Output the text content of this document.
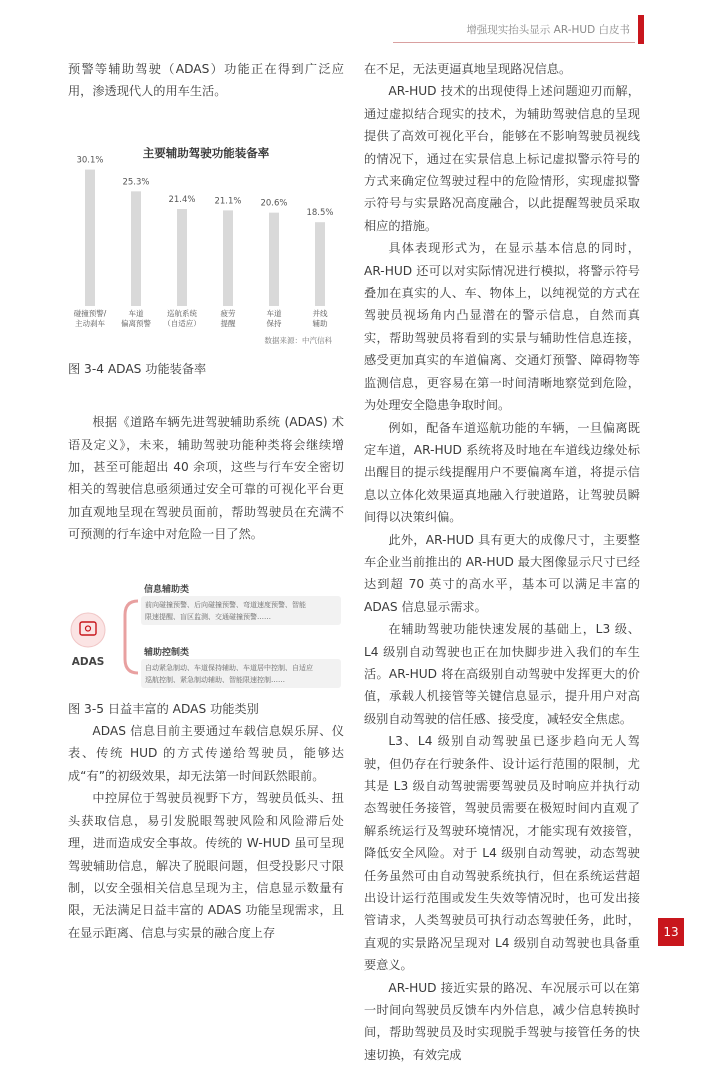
增强现实抬头显示 AR-HUD 白皮书

预警等辅助驾驶（ADAS）功能正在得到广泛应用，渗透现代人的用车生活。

主要辅助驾驶功能装备率
30.1%
碰撞预警/
主动刹车
25.3%
车道
偏离预警
21.4%
巡航系统
（自适应）
21.1%
疲劳
提醒
20.6%
车道
保持
18.5%
并线
辅助
数据来源：中汽信科

图 3-4 ADAS 功能装备率

根据《道路车辆先进驾驶辅助系统 (ADAS) 术语及定义》，未来，辅助驾驶功能种类将会继续增加，甚至可能超出 40 余项，这些与行车安全密切相关的驾驶信息亟须通过安全可靠的可视化平台更加直观地呈现在驾驶员面前，帮助驾驶员在充满不可预测的行车途中对危险一目了然。

ADAS
信息辅助类
前向碰撞预警、后向碰撞预警、弯道速度预警、智能
限速提醒、盲区监测、交通碰撞预警……
辅助控制类
自动紧急制动、车道保持辅助、车道居中控制、自适应
巡航控制、紧急制动辅助、智能限速控制……

图 3-5 日益丰富的 ADAS 功能类别

ADAS 信息目前主要通过车载信息娱乐屏、仪表、传统 HUD 的方式传递给驾驶员，能够达成“有”的初级效果，却无法第一时间跃然眼前。

中控屏位于驾驶员视野下方，驾驶员低头、扭头获取信息，易引发脱眼驾驶风险和风险滞后处理，进而造成安全事故。传统的 W-HUD 虽可呈现驾驶辅助信息，解决了脱眼问题，但受投影尺寸限制，以安全强相关信息呈现为主，信息显示数量有限，无法满足日益丰富的 ADAS 功能呈现需求，且在显示距离、信息与实景的融合度上存

在不足，无法更逼真地呈现路况信息。

AR-HUD 技术的出现使得上述问题迎刃而解，通过虚拟结合现实的技术，为辅助驾驶信息的呈现提供了高效可视化平台，能够在不影响驾驶员视线的情况下，通过在实景信息上标记虚拟警示符号的方式来确定位驾驶过程中的危险情形，实现虚拟警示符号与实景路况高度融合，以此提醒驾驶员采取相应的措施。

具体表现形式为，在显示基本信息的同时，AR-HUD 还可以对实际情况进行模拟，将警示符号叠加在真实的人、车、物体上，以纯视觉的方式在驾驶员视场角内凸显潜在的警示信息，自然而真实，帮助驾驶员将看到的实景与辅助性信息连接，感受更加真实的车道偏离、交通灯预警、障碍物等监测信息，更容易在第一时间清晰地察觉到危险，为处理安全隐患争取时间。

例如，配备车道巡航功能的车辆，一旦偏离既定车道，AR-HUD 系统将及时地在车道线边缘处标出醒目的提示线提醒用户不要偏离车道，将提示信息以立体化效果逼真地融入行驶道路，让驾驶员瞬间得以决策纠偏。

此外，AR-HUD 具有更大的成像尺寸，主要整车企业当前推出的 AR-HUD 最大图像显示尺寸已经达到超 70 英寸的高水平，基本可以满足丰富的 ADAS 信息显示需求。

在辅助驾驶功能快速发展的基础上，L3 级、L4 级别自动驾驶也正在加快脚步进入我们的车生活。AR-HUD 将在高级别自动驾驶中发挥更大的价值，承载人机接管等关键信息显示，提升用户对高级别自动驾驶的信任感、接受度，减轻安全焦虑。

L3、L4 级别自动驾驶虽已逐步趋向无人驾驶，但仍存在行驶条件、设计运行范围的限制，尤其是 L3 级自动驾驶需要驾驶员及时响应并执行动态驾驶任务接管，驾驶员需要在极短时间内直观了解系统运行及驾驶环境情况，才能实现有效接管，降低安全风险。对于 L4 级别自动驾驶，动态驾驶任务虽然可由自动驾驶系统执行，但在系统运营超出设计运行范围或发生失效等情况时，也可发出接管请求，人类驾驶员可执行动态驾驶任务，此时，直观的实景路况呈现对 L4 级别自动驾驶也具备重要意义。

AR-HUD 接近实景的路况、车况展示可以在第一时间向驾驶员反馈车内外信息，减少信息转换时间，帮助驾驶员及时实现脱手驾驶与接管任务的快速切换，有效完成

13
